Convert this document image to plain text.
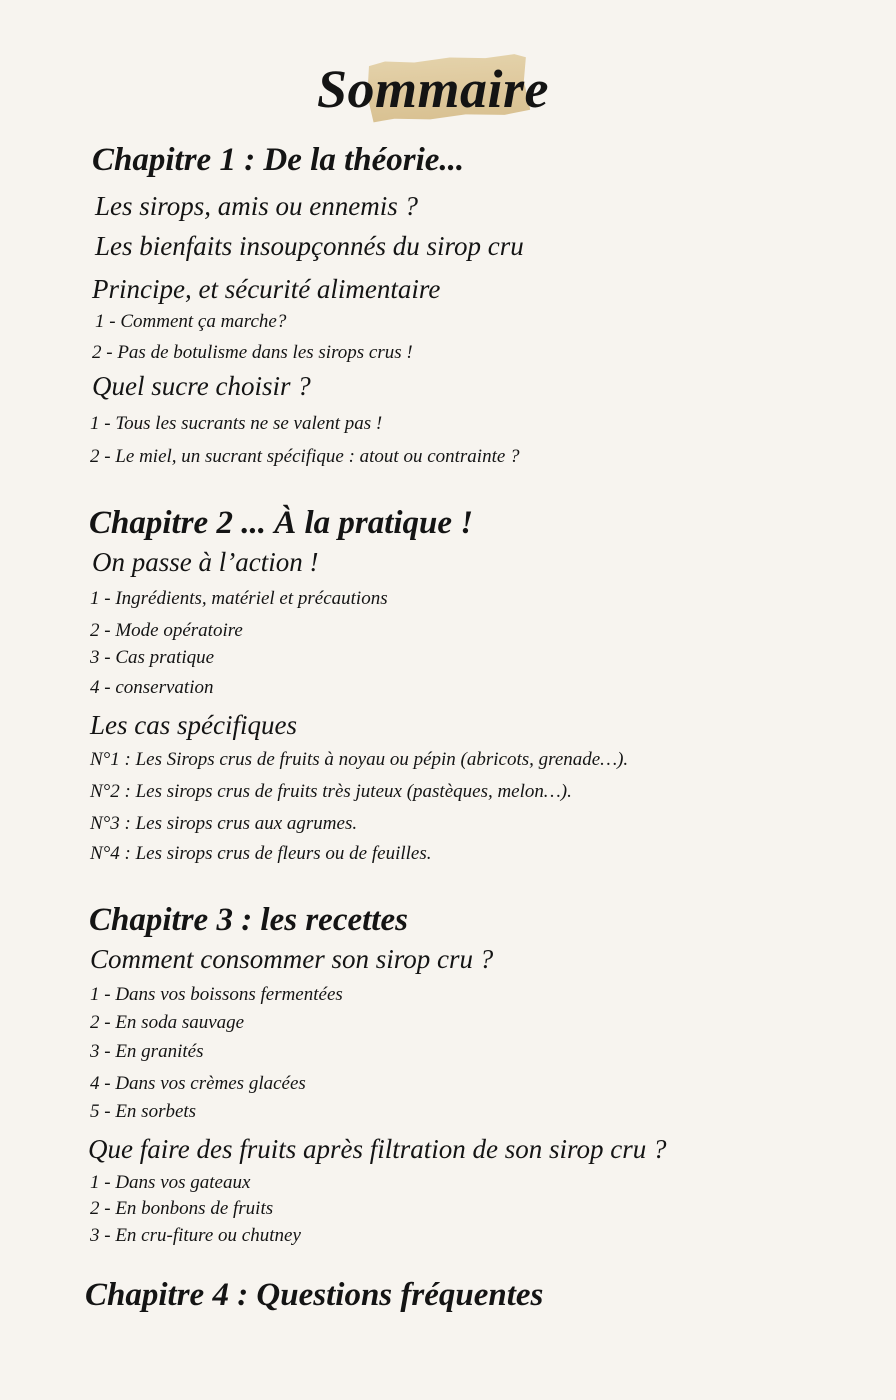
Sommaire
Chapitre 1 : De la théorie...
Les sirops, amis ou ennemis ?
Les bienfaits insoupçonnés du sirop cru
Principe, et sécurité alimentaire
1 - Comment ça marche?
2 - Pas de botulisme dans les sirops crus !
Quel sucre choisir ?
1 - Tous les sucrants ne se valent pas !
2 - Le miel, un sucrant spécifique : atout ou contrainte ?
Chapitre 2 ... À la pratique !
On passe à l’action !
1 - Ingrédients, matériel et précautions
2 - Mode opératoire
3 - Cas pratique
4 - conservation
Les cas spécifiques
N°1 : Les Sirops crus de fruits à noyau ou pépin (abricots, grenade…).
N°2 : Les sirops crus de fruits très juteux (pastèques, melon…).
N°3 : Les sirops crus aux agrumes.
N°4 : Les sirops crus de fleurs ou de feuilles.
Chapitre 3 : les recettes
Comment consommer son sirop cru ?
1 - Dans vos boissons fermentées
2 - En soda sauvage
3 - En granités
4 - Dans vos crèmes glacées
5 - En sorbets
Que faire des fruits après filtration de son sirop cru ?
1 - Dans vos gateaux
2 - En bonbons de fruits
3 - En cru-fiture ou chutney
Chapitre 4 : Questions fréquentes
